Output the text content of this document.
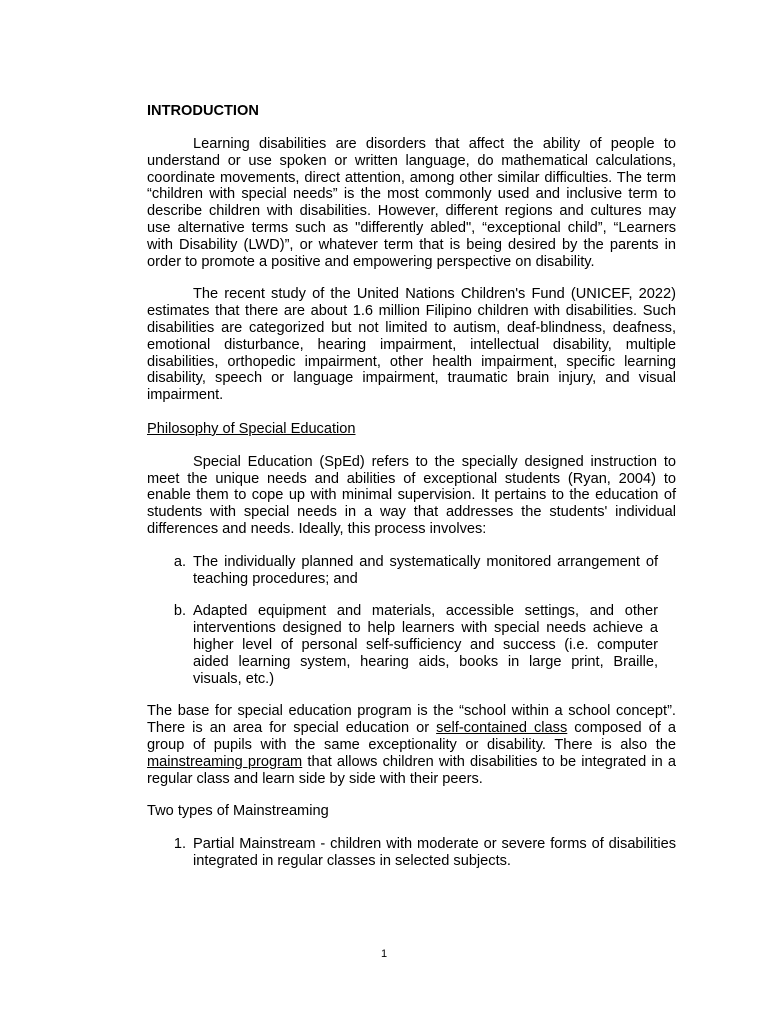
INTRODUCTION

Learning disabilities are disorders that affect the ability of people to understand or use spoken or written language, do mathematical calculations, coordinate movements, direct attention, among other similar difficulties. The term “children with special needs” is the most commonly used and inclusive term to describe children with disabilities. However, different regions and cultures may use alternative terms such as "differently abled", “exceptional child”, “Learners with Disability (LWD)”, or whatever term that is being desired by the parents in order to promote a positive and empowering perspective on disability.

The recent study of the United Nations Children's Fund (UNICEF, 2022) estimates that there are about 1.6 million Filipino children with disabilities. Such disabilities are categorized but not limited to autism, deaf-blindness, deafness, emotional disturbance, hearing impairment, intellectual disability, multiple disabilities, orthopedic impairment, other health impairment, specific learning disability, speech or language impairment, traumatic brain injury, and visual impairment.

Philosophy of Special Education

Special Education (SpEd) refers to the specially designed instruction to meet the unique needs and abilities of exceptional students (Ryan, 2004) to enable them to cope up with minimal supervision. It pertains to the education of students with special needs in a way that addresses the students' individual differences and needs. Ideally, this process involves:

a. The individually planned and systematically monitored arrangement of teaching procedures; and
b. Adapted equipment and materials, accessible settings, and other interventions designed to help learners with special needs achieve a higher level of personal self-sufficiency and success (i.e. computer aided learning system, hearing aids, books in large print, Braille, visuals, etc.)

The base for special education program is the “school within a school concept”. There is an area for special education or self-contained class composed of a group of pupils with the same exceptionality or disability. There is also the mainstreaming program that allows children with disabilities to be integrated in a regular class and learn side by side with their peers.

Two types of Mainstreaming

1. Partial Mainstream - children with moderate or severe forms of disabilities integrated in regular classes in selected subjects.
1
